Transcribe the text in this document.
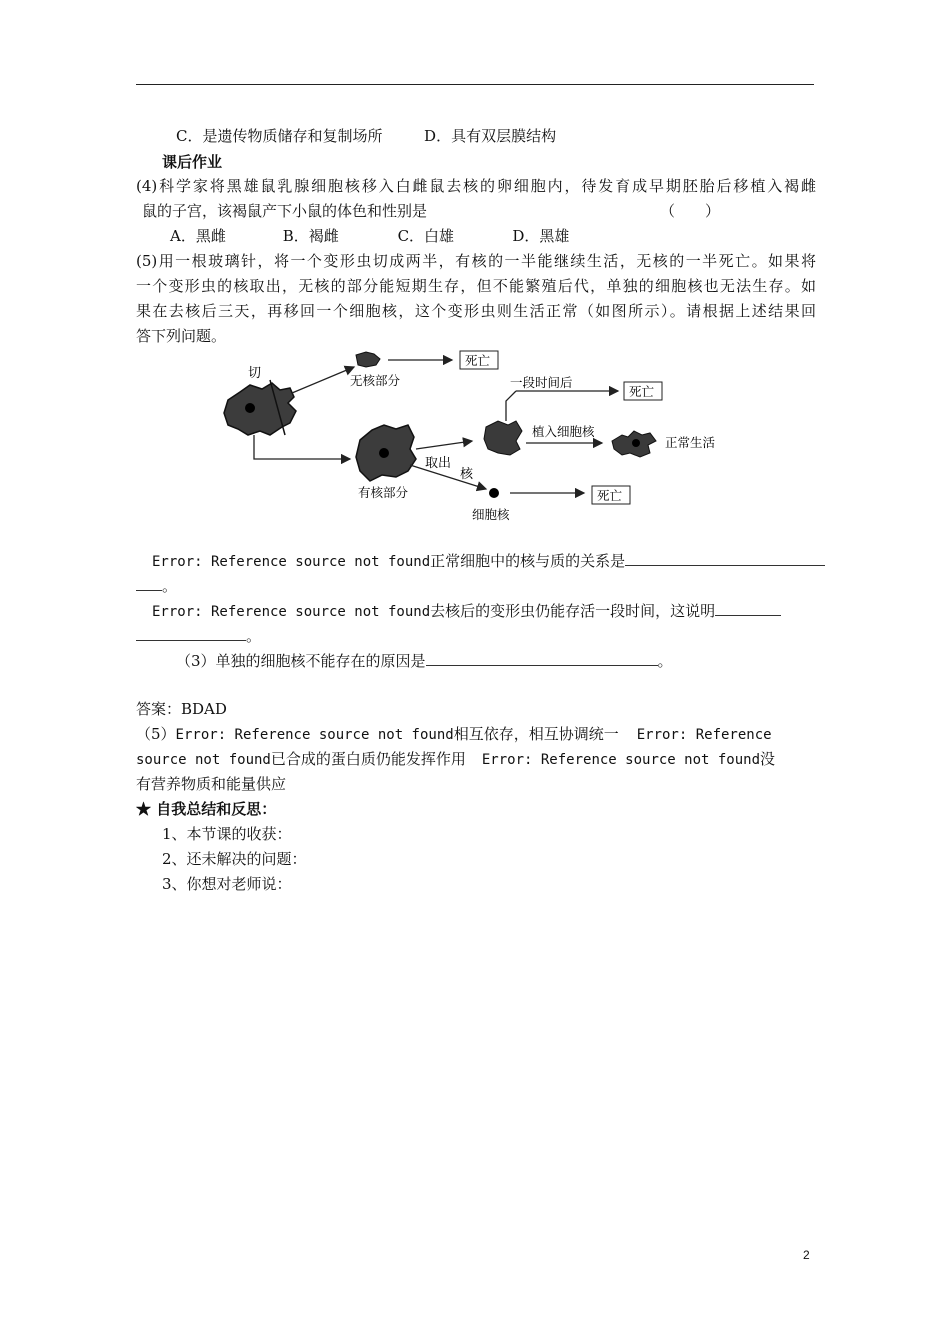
C．是遗传物质储存和复制场所	D．具有双层膜结构
课后作业
(4)科学家将黑雄鼠乳腺细胞核移入白雌鼠去核的卵细胞内，待发育成早期胚胎后移植入褐雌
鼠的子宫，该褐鼠产下小鼠的体色和性别是	（　　）
A．黑雌	B．褐雌	C．白雄	D．黑雄
(5)用一根玻璃针，将一个变形虫切成两半，有核的一半能继续生活，无核的一半死亡。如果将
一个变形虫的核取出，无核的部分能短期生存，但不能繁殖后代，单独的细胞核也无法生存。如
果在去核后三天，再移回一个细胞核，这个变形虫则生活正常（如图所示）。请根据上述结果回
答下列问题。
切	无核部分
死亡
有核部分
取出
核
细胞核
死亡
一段时间后
死亡
植入细胞核
正常生活
Error: Reference source not found正常细胞中的核与质的关系是
。
Error: Reference source not found去核后的变形虫仍能存活一段时间，这说明
。
（3）单独的细胞核不能存在的原因是	。
答案：BDAD
（5）Error: Reference source not found相互依存，相互协调统一 Error: Reference
source not found已合成的蛋白质仍能发挥作用 Error: Reference source not found没
有营养物质和能量供应
★ 自我总结和反思：
1、本节课的收获：
2、还未解决的问题：
3、你想对老师说：
2
